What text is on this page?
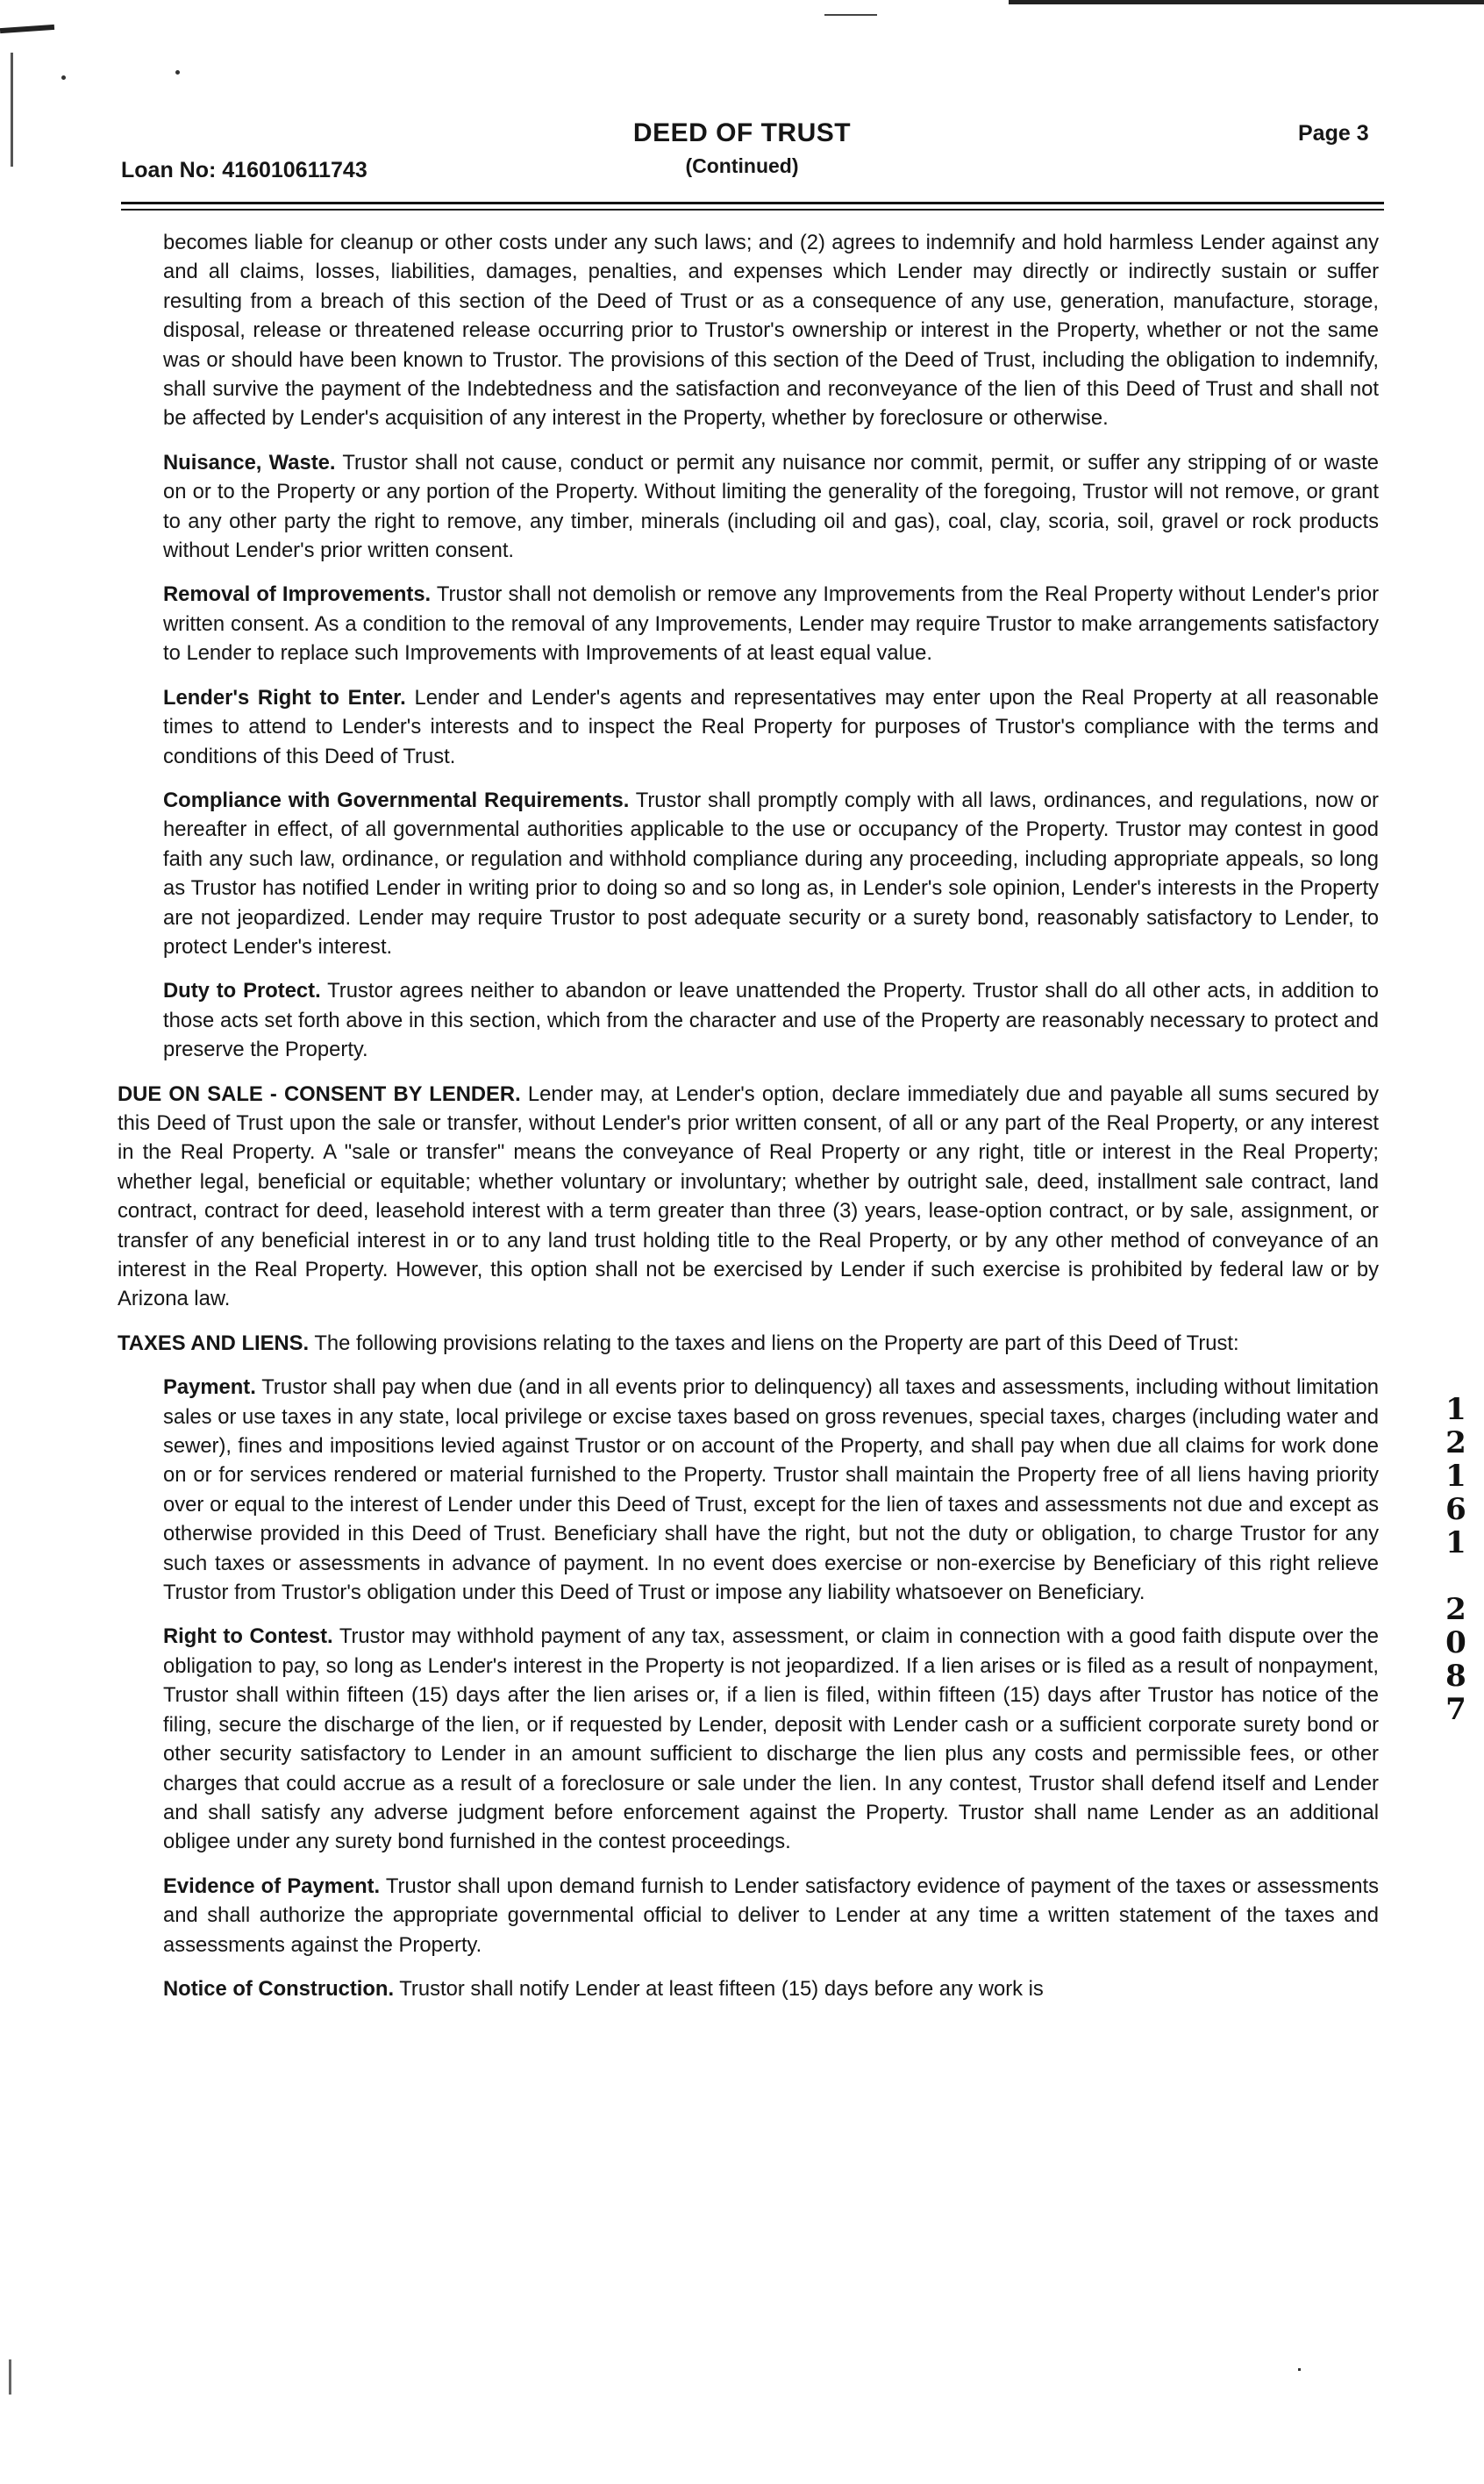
DEED OF TRUST
(Continued)
Loan No: 416010611743
Page 3

becomes liable for cleanup or other costs under any such laws; and (2) agrees to indemnify and hold harmless Lender against any and all claims, losses, liabilities, damages, penalties, and expenses which Lender may directly or indirectly sustain or suffer resulting from a breach of this section of the Deed of Trust or as a consequence of any use, generation, manufacture, storage, disposal, release or threatened release occurring prior to Trustor's ownership or interest in the Property, whether or not the same was or should have been known to Trustor. The provisions of this section of the Deed of Trust, including the obligation to indemnify, shall survive the payment of the Indebtedness and the satisfaction and reconveyance of the lien of this Deed of Trust and shall not be affected by Lender's acquisition of any interest in the Property, whether by foreclosure or otherwise.

Nuisance, Waste. Trustor shall not cause, conduct or permit any nuisance nor commit, permit, or suffer any stripping of or waste on or to the Property or any portion of the Property. Without limiting the generality of the foregoing, Trustor will not remove, or grant to any other party the right to remove, any timber, minerals (including oil and gas), coal, clay, scoria, soil, gravel or rock products without Lender's prior written consent.

Removal of Improvements. Trustor shall not demolish or remove any Improvements from the Real Property without Lender's prior written consent. As a condition to the removal of any Improvements, Lender may require Trustor to make arrangements satisfactory to Lender to replace such Improvements with Improvements of at least equal value.

Lender's Right to Enter. Lender and Lender's agents and representatives may enter upon the Real Property at all reasonable times to attend to Lender's interests and to inspect the Real Property for purposes of Trustor's compliance with the terms and conditions of this Deed of Trust.

Compliance with Governmental Requirements. Trustor shall promptly comply with all laws, ordinances, and regulations, now or hereafter in effect, of all governmental authorities applicable to the use or occupancy of the Property. Trustor may contest in good faith any such law, ordinance, or regulation and withhold compliance during any proceeding, including appropriate appeals, so long as Trustor has notified Lender in writing prior to doing so and so long as, in Lender's sole opinion, Lender's interests in the Property are not jeopardized. Lender may require Trustor to post adequate security or a surety bond, reasonably satisfactory to Lender, to protect Lender's interest.

Duty to Protect. Trustor agrees neither to abandon or leave unattended the Property. Trustor shall do all other acts, in addition to those acts set forth above in this section, which from the character and use of the Property are reasonably necessary to protect and preserve the Property.

DUE ON SALE - CONSENT BY LENDER. Lender may, at Lender's option, declare immediately due and payable all sums secured by this Deed of Trust upon the sale or transfer, without Lender's prior written consent, of all or any part of the Real Property, or any interest in the Real Property. A "sale or transfer" means the conveyance of Real Property or any right, title or interest in the Real Property; whether legal, beneficial or equitable; whether voluntary or involuntary; whether by outright sale, deed, installment sale contract, land contract, contract for deed, leasehold interest with a term greater than three (3) years, lease-option contract, or by sale, assignment, or transfer of any beneficial interest in or to any land trust holding title to the Real Property, or by any other method of conveyance of an interest in the Real Property. However, this option shall not be exercised by Lender if such exercise is prohibited by federal law or by Arizona law.

TAXES AND LIENS. The following provisions relating to the taxes and liens on the Property are part of this Deed of Trust:

Payment. Trustor shall pay when due (and in all events prior to delinquency) all taxes and assessments, including without limitation sales or use taxes in any state, local privilege or excise taxes based on gross revenues, special taxes, charges (including water and sewer), fines and impositions levied against Trustor or on account of the Property, and shall pay when due all claims for work done on or for services rendered or material furnished to the Property. Trustor shall maintain the Property free of all liens having priority over or equal to the interest of Lender under this Deed of Trust, except for the lien of taxes and assessments not due and except as otherwise provided in this Deed of Trust. Beneficiary shall have the right, but not the duty or obligation, to charge Trustor for any such taxes or assessments in advance of payment. In no event does exercise or non-exercise by Beneficiary of this right relieve Trustor from Trustor's obligation under this Deed of Trust or impose any liability whatsoever on Beneficiary.

Right to Contest. Trustor may withhold payment of any tax, assessment, or claim in connection with a good faith dispute over the obligation to pay, so long as Lender's interest in the Property is not jeopardized. If a lien arises or is filed as a result of nonpayment, Trustor shall within fifteen (15) days after the lien arises or, if a lien is filed, within fifteen (15) days after Trustor has notice of the filing, secure the discharge of the lien, or if requested by Lender, deposit with Lender cash or a sufficient corporate surety bond or other security satisfactory to Lender in an amount sufficient to discharge the lien plus any costs and permissible fees, or other charges that could accrue as a result of a foreclosure or sale under the lien. In any contest, Trustor shall defend itself and Lender and shall satisfy any adverse judgment before enforcement against the Property. Trustor shall name Lender as an additional obligee under any surety bond furnished in the contest proceedings.

Evidence of Payment. Trustor shall upon demand furnish to Lender satisfactory evidence of payment of the taxes or assessments and shall authorize the appropriate governmental official to deliver to Lender at any time a written statement of the taxes and assessments against the Property.

Notice of Construction. Trustor shall notify Lender at least fifteen (15) days before any work is

1
2
1
6
1
2
0
8
7
